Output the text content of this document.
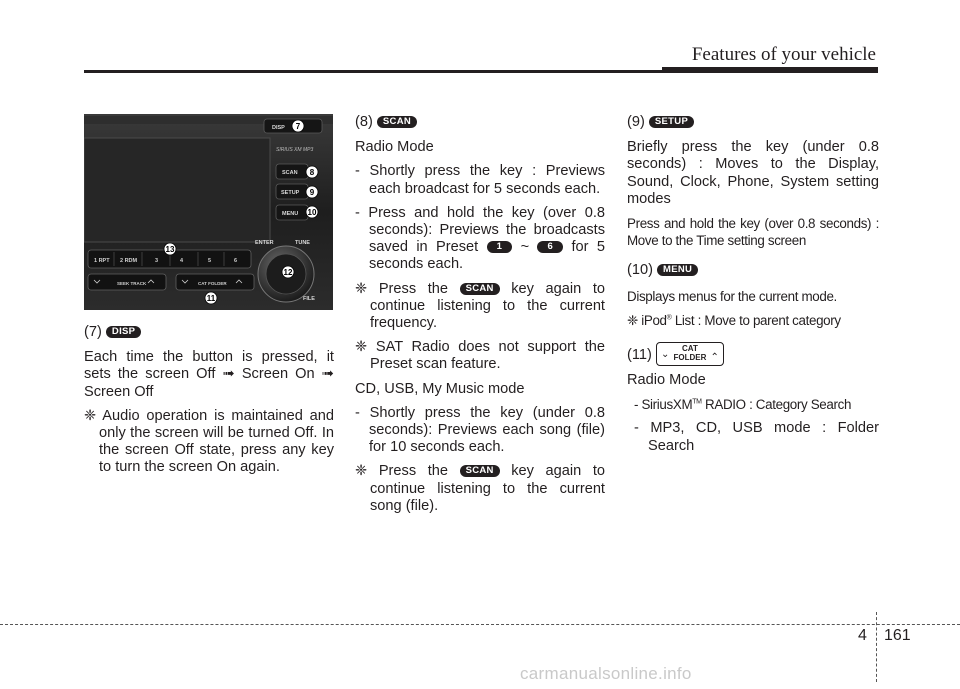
Features of your vehicle
DISP
SCAN
SETUP
MENU
ENTER	TUNE
FILE
SIRIUS XM MP3
1 RPT 2 RDM	3	4	5	6
SEEK TRACK	CAT FOLDER
7
8
9
10
11
12
13

(7) DISP

Each time the button is pressed, it sets the screen Off ➟ Screen On ➟ Screen Off

❈ Audio operation is maintained and only the screen will be turned Off. In the screen Off state, press any key to turn the screen On again.

(8) SCAN

Radio Mode

- Shortly press the key : Previews each broadcast for 5 seconds each.

- Press and hold the key (over 0.8 seconds): Previews the broadcasts saved in Preset 1 ~ 6 for 5 seconds each.

❈ Press the SCAN key again to continue listening to the current frequency.

❈ SAT Radio does not support the Preset scan feature.

CD, USB, My Music mode

- Shortly press the key (under 0.8 seconds): Previews each song (file) for 10 seconds each.

❈ Press the SCAN key again to continue listening to the current song (file).

(9) SETUP

Briefly press the key (under 0.8 seconds) : Moves to the Display, Sound, Clock, Phone, System setting modes

Press and hold the key (over 0.8 seconds) : Move to the Time setting screen

(10) MENU

Displays menus for the current mode.

❈ iPod® List : Move to parent category

(11) ⌄
CAT
FOLDER ⌃

Radio Mode

- SiriusXM™ RADIO : Category Search

- MP3, CD, USB mode : Folder Search

4 161
carmanualsonline.info
